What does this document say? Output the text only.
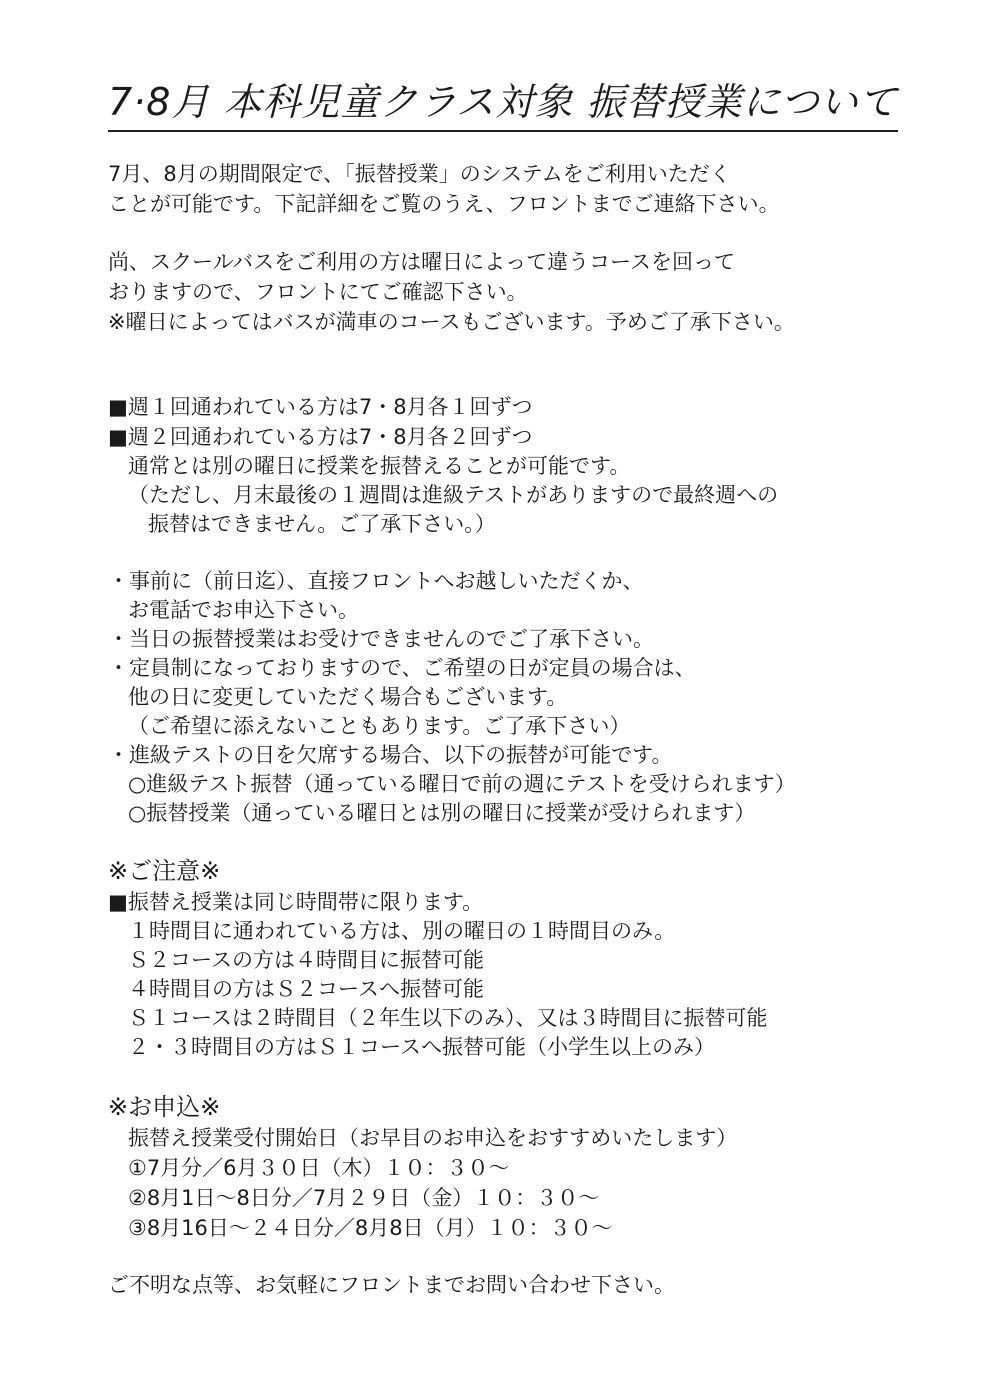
7·8月 本科児童クラス対象 振替授業について
7月、8月の期間限定で、「振替授業」のシステムをご利用いただく
ことが可能です。下記詳細をご覧のうえ、フロントまでご連絡下さい。
尚、スクールバスをご利用の方は曜日によって違うコースを回って
おりますので、フロントにてご確認下さい。
※曜日によってはバスが満車のコースもございます。予めご了承下さい。
■週１回通われている方は7・8月各１回ずつ
■週２回通われている方は7・8月各２回ずつ
通常とは別の曜日に授業を振替えることが可能です。
（ただし、月末最後の１週間は進級テストがありますので最終週への
振替はできません。ご了承下さい。）
・事前に（前日迄）、直接フロントへお越しいただくか、
お電話でお申込下さい。
・当日の振替授業はお受けできませんのでご了承下さい。
・定員制になっておりますので、ご希望の日が定員の場合は、
他の日に変更していただく場合もございます。
（ご希望に添えないこともあります。ご了承下さい）
・進級テストの日を欠席する場合、以下の振替が可能です。
○進級テスト振替（通っている曜日で前の週にテストを受けられます）
○振替授業（通っている曜日とは別の曜日に授業が受けられます）
※ご注意※
■振替え授業は同じ時間帯に限ります。
１時間目に通われている方は、別の曜日の１時間目のみ。
Ｓ２コースの方は４時間目に振替可能
４時間目の方はＳ２コースへ振替可能
Ｓ１コースは２時間目（２年生以下のみ）、又は３時間目に振替可能
２・３時間目の方はＳ１コースへ振替可能（小学生以上のみ）
※お申込※
振替え授業受付開始日（お早目のお申込をおすすめいたします）
①7月分／6月３０日（木）１０：３０～
②8月1日～8日分／7月２９日（金）１０：３０～
③8月16日～２４日分／8月8日（月）１０：３０～
ご不明な点等、お気軽にフロントまでお問い合わせ下さい。
